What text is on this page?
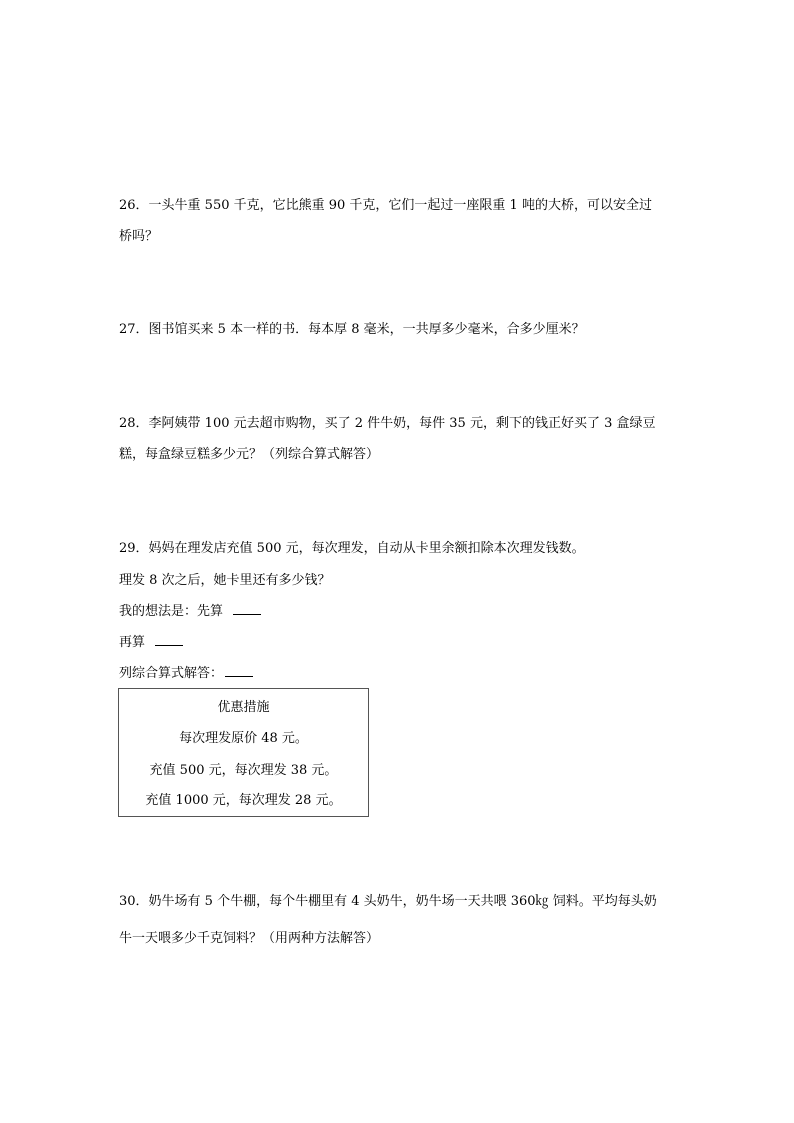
26．一头牛重 550 千克，它比熊重 90 千克，它们一起过一座限重 1 吨的大桥，可以安全过
桥吗？
27．图书馆买来 5 本一样的书．每本厚 8 毫米，一共厚多少毫米，合多少厘米？
28．李阿姨带 100 元去超市购物，买了 2 件牛奶，每件 35 元，剩下的钱正好买了 3 盒绿豆
糕，每盒绿豆糕多少元？（列综合算式解答）
29．妈妈在理发店充值 500 元，每次理发，自动从卡里余额扣除本次理发钱数。
理发 8 次之后，她卡里还有多少钱？
我的想法是：先算
再算
列综合算式解答：
优惠措施
每次理发原价 48 元。
充值 500 元，每次理发 38 元。
充值 1000 元，每次理发 28 元。
30．奶牛场有 5 个牛棚，每个牛棚里有 4 头奶牛，奶牛场一天共喂 360㎏ 饲料。平均每头奶
牛一天喂多少千克饲料？（用两种方法解答）
